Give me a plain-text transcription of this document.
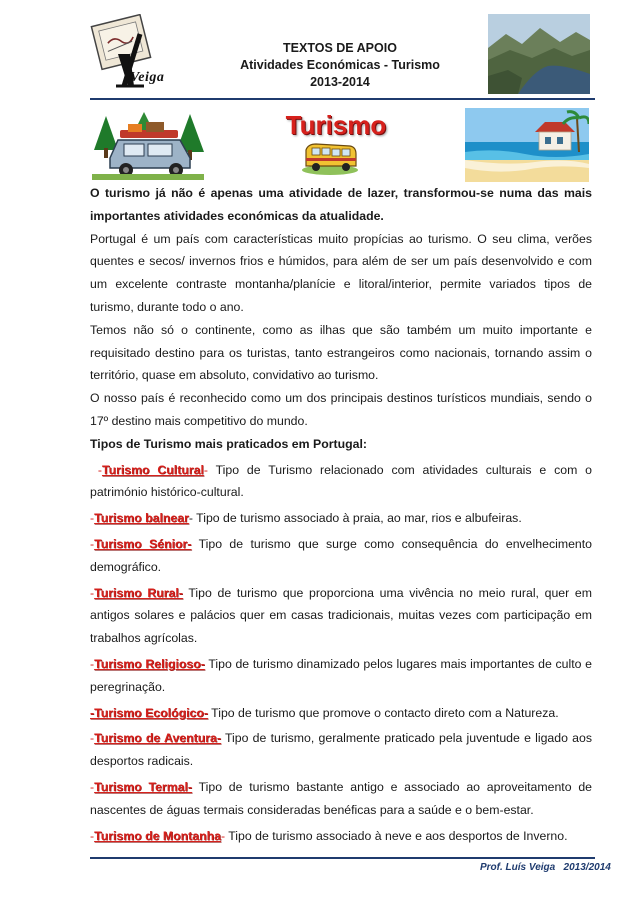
Veiga
TEXTOS DE APOIO
Atividades Económicas - Turismo
2013-2014
Turismo

O turismo já não é apenas uma atividade de lazer, transformou-se numa das mais importantes atividades económicas da atualidade.

Portugal é um país com características muito propícias ao turismo. O seu clima, verões quentes e secos/ invernos frios e húmidos, para além de ser um país desenvolvido e com um excelente contraste montanha/planície e litoral/interior, permite variados tipos de turismo, durante todo o ano.

Temos não só o continente, como as ilhas que são também um muito importante e requisitado destino para os turistas, tanto estrangeiros como nacionais, tornando assim o território, quase em absoluto, convidativo ao turismo.

O nosso país é reconhecido como um dos principais destinos turísticos mundiais, sendo o 17º destino mais competitivo do mundo.

Tipos de Turismo mais praticados em Portugal:

-Turismo Cultural- Tipo de Turismo relacionado com atividades culturais e com o património histórico-cultural.

-Turismo balnear- Tipo de turismo associado à praia, ao mar, rios e albufeiras.

-Turismo Sénior- Tipo de turismo que surge como consequência do envelhecimento demográfico.

-Turismo Rural- Tipo de turismo que proporciona uma vivência no meio rural, quer em antigos solares e palácios quer em casas tradicionais, muitas vezes com participação em trabalhos agrícolas.

-Turismo Religioso- Tipo de turismo dinamizado pelos lugares mais importantes de culto e peregrinação.

-Turismo Ecológico- Tipo de turismo que promove o contacto direto com a Natureza.

-Turismo de Aventura- Tipo de turismo, geralmente praticado pela juventude e ligado aos desportos radicais.

-Turismo Termal- Tipo de turismo bastante antigo e associado ao aproveitamento de nascentes de águas termais consideradas benéficas para a saúde e o bem-estar.

-Turismo de Montanha- Tipo de turismo associado à neve e aos desportos de Inverno.

Prof. Luís Veiga 2013/2014
